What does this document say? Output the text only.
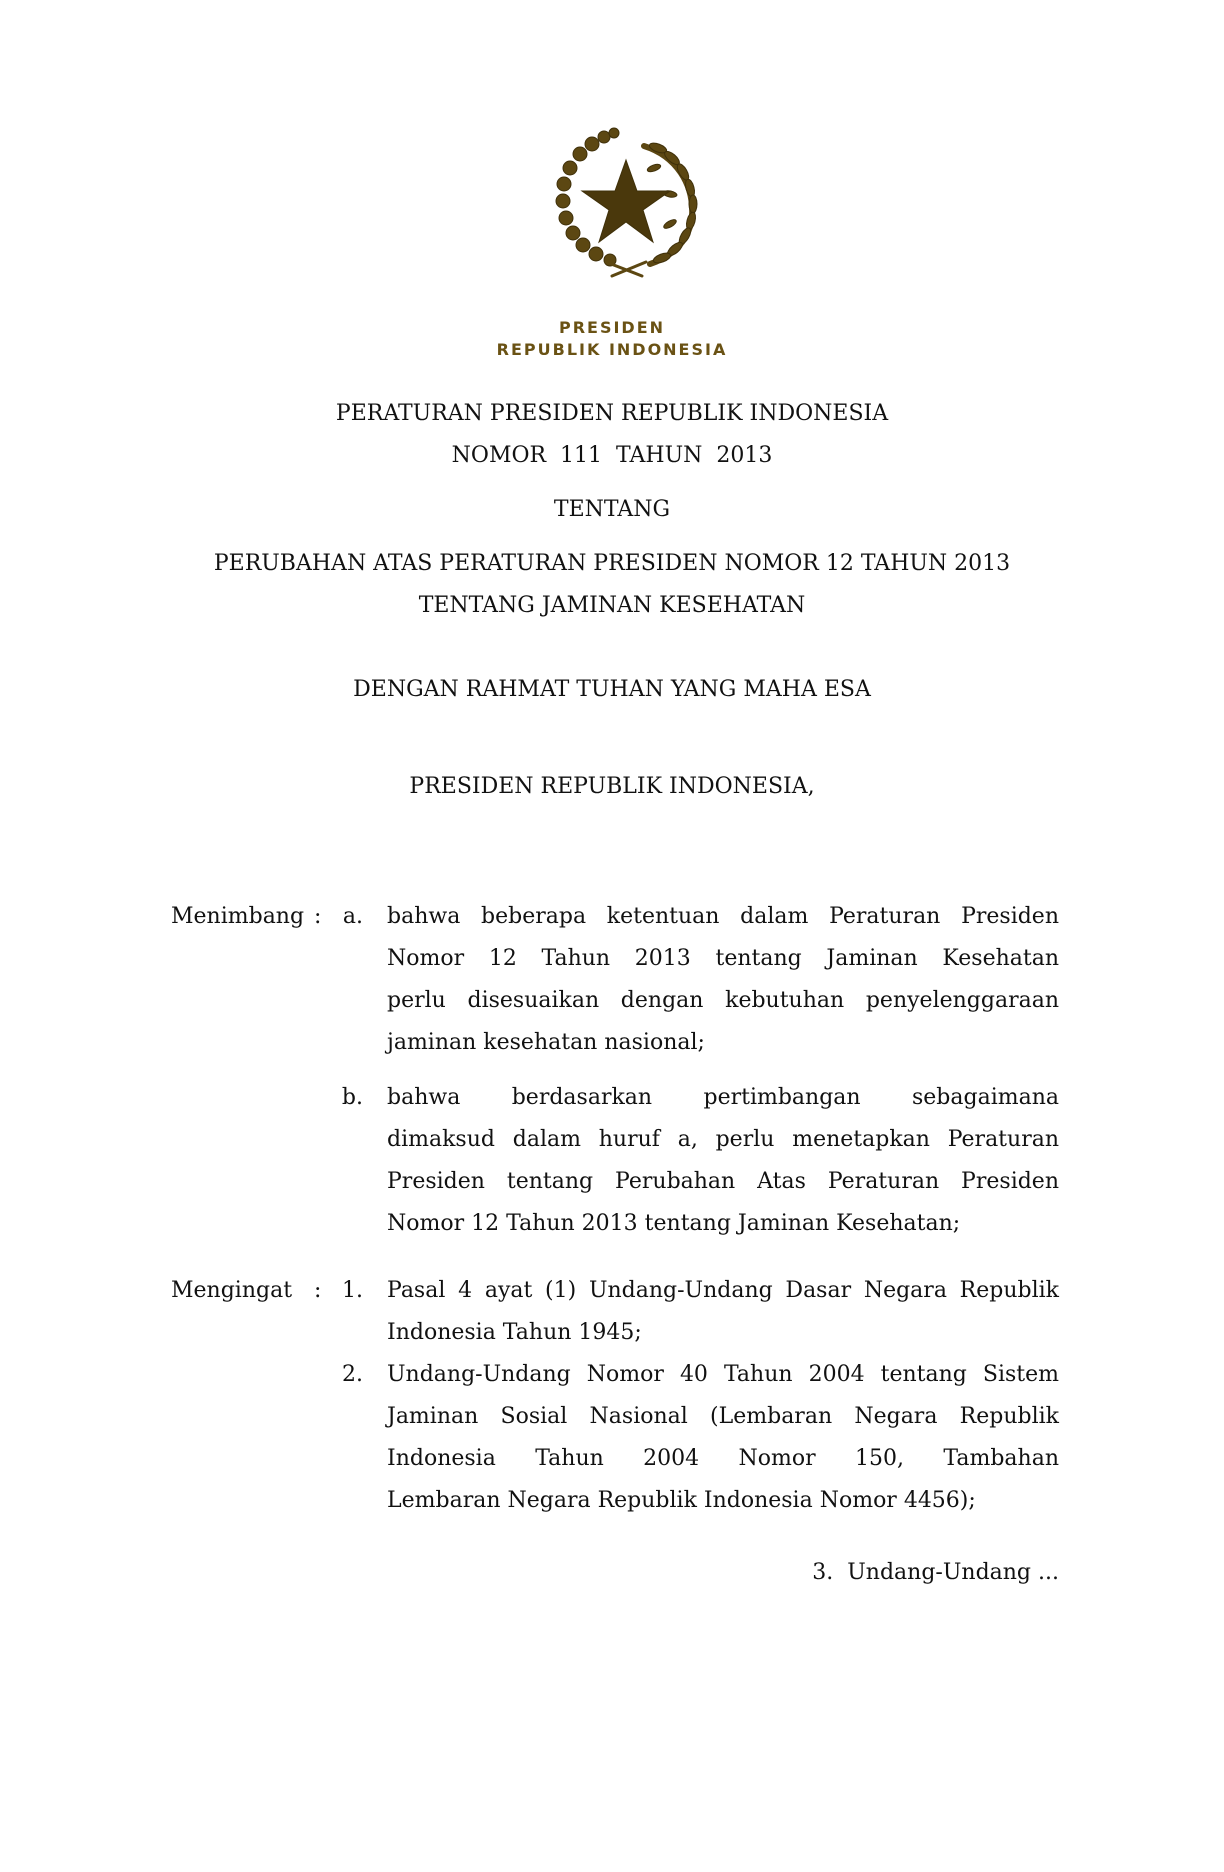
PRESIDEN
REPUBLIK INDONESIA
PERATURAN PRESIDEN REPUBLIK INDONESIA
NOMOR  111  TAHUN  2013
TENTANG
PERUBAHAN ATAS PERATURAN PRESIDEN NOMOR 12 TAHUN 2013
TENTANG JAMINAN KESEHATAN
DENGAN RAHMAT TUHAN YANG MAHA ESA
PRESIDEN REPUBLIK INDONESIA,
Menimbang : a. bahwa beberapa ketentuan dalam Peraturan Presiden
Nomor 12 Tahun 2013 tentang Jaminan Kesehatan
perlu disesuaikan dengan kebutuhan penyelenggaraan
jaminan kesehatan nasional;
b. bahwa berdasarkan pertimbangan sebagaimana
dimaksud dalam huruf a, perlu menetapkan Peraturan
Presiden tentang Perubahan Atas Peraturan Presiden
Nomor 12 Tahun 2013 tentang Jaminan Kesehatan;
Mengingat : 1. Pasal 4 ayat (1) Undang-Undang Dasar Negara Republik
Indonesia Tahun 1945;
2. Undang-Undang Nomor 40 Tahun 2004 tentang Sistem
Jaminan Sosial Nasional (Lembaran Negara Republik
Indonesia Tahun 2004 Nomor 150, Tambahan
Lembaran Negara Republik Indonesia Nomor 4456);
3.  Undang-Undang ...
